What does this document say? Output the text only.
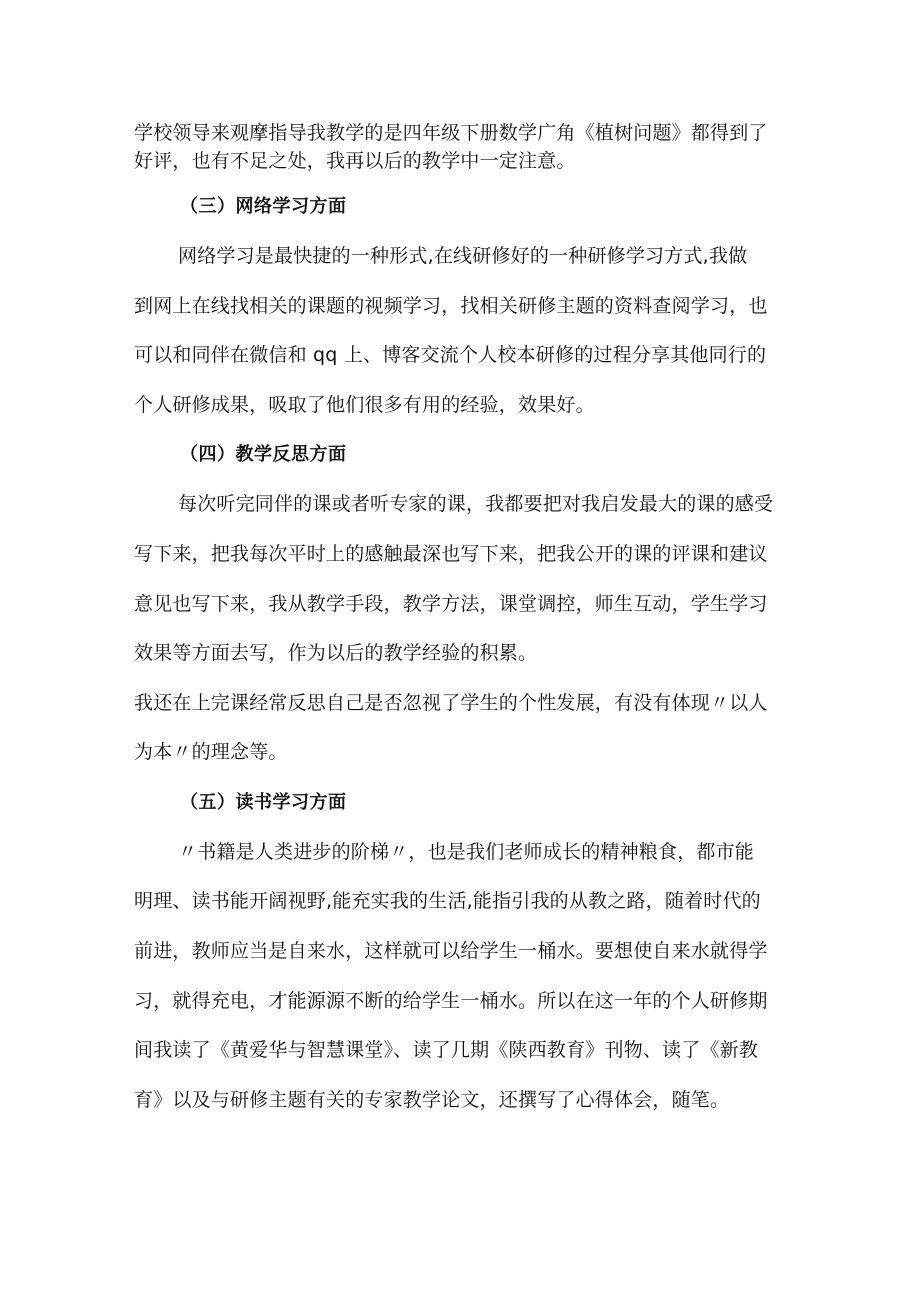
学校领导来观摩指导我教学的是四年级下册数学广角《植树问题》都得到了
好评，也有不足之处，我再以后的教学中一定注意。
（三）网络学习方面
网络学习是最快捷的一种形式,在线研修好的一种研修学习方式,我做
到网上在线找相关的课题的视频学习，找相关研修主题的资料查阅学习，也
可以和同伴在微信和 qq 上、博客交流个人校本研修的过程分享其他同行的
个人研修成果，吸取了他们很多有用的经验，效果好。
（四）教学反思方面
每次听完同伴的课或者听专家的课，我都要把对我启发最大的课的感受
写下来，把我每次平时上的感触最深也写下来，把我公开的课的评课和建议
意见也写下来，我从教学手段，教学方法，课堂调控，师生互动，学生学习
效果等方面去写，作为以后的教学经验的积累。
我还在上完课经常反思自己是否忽视了学生的个性发展，有没有体现〃以人
为本〃的理念等。
（五）读书学习方面
〃书籍是人类进步的阶梯〃，也是我们老师成长的精神粮食，都市能
明理、读书能开阔视野,能充实我的生活,能指引我的从教之路，随着时代的
前进，教师应当是自来水，这样就可以给学生一桶水。要想使自来水就得学
习，就得充电，才能源源不断的给学生一桶水。所以在这一年的个人研修期
间我读了《黄爱华与智慧课堂》、读了几期《陕西教育》刊物、读了《新教
育》以及与研修主题有关的专家教学论文，还撰写了心得体会，随笔。
